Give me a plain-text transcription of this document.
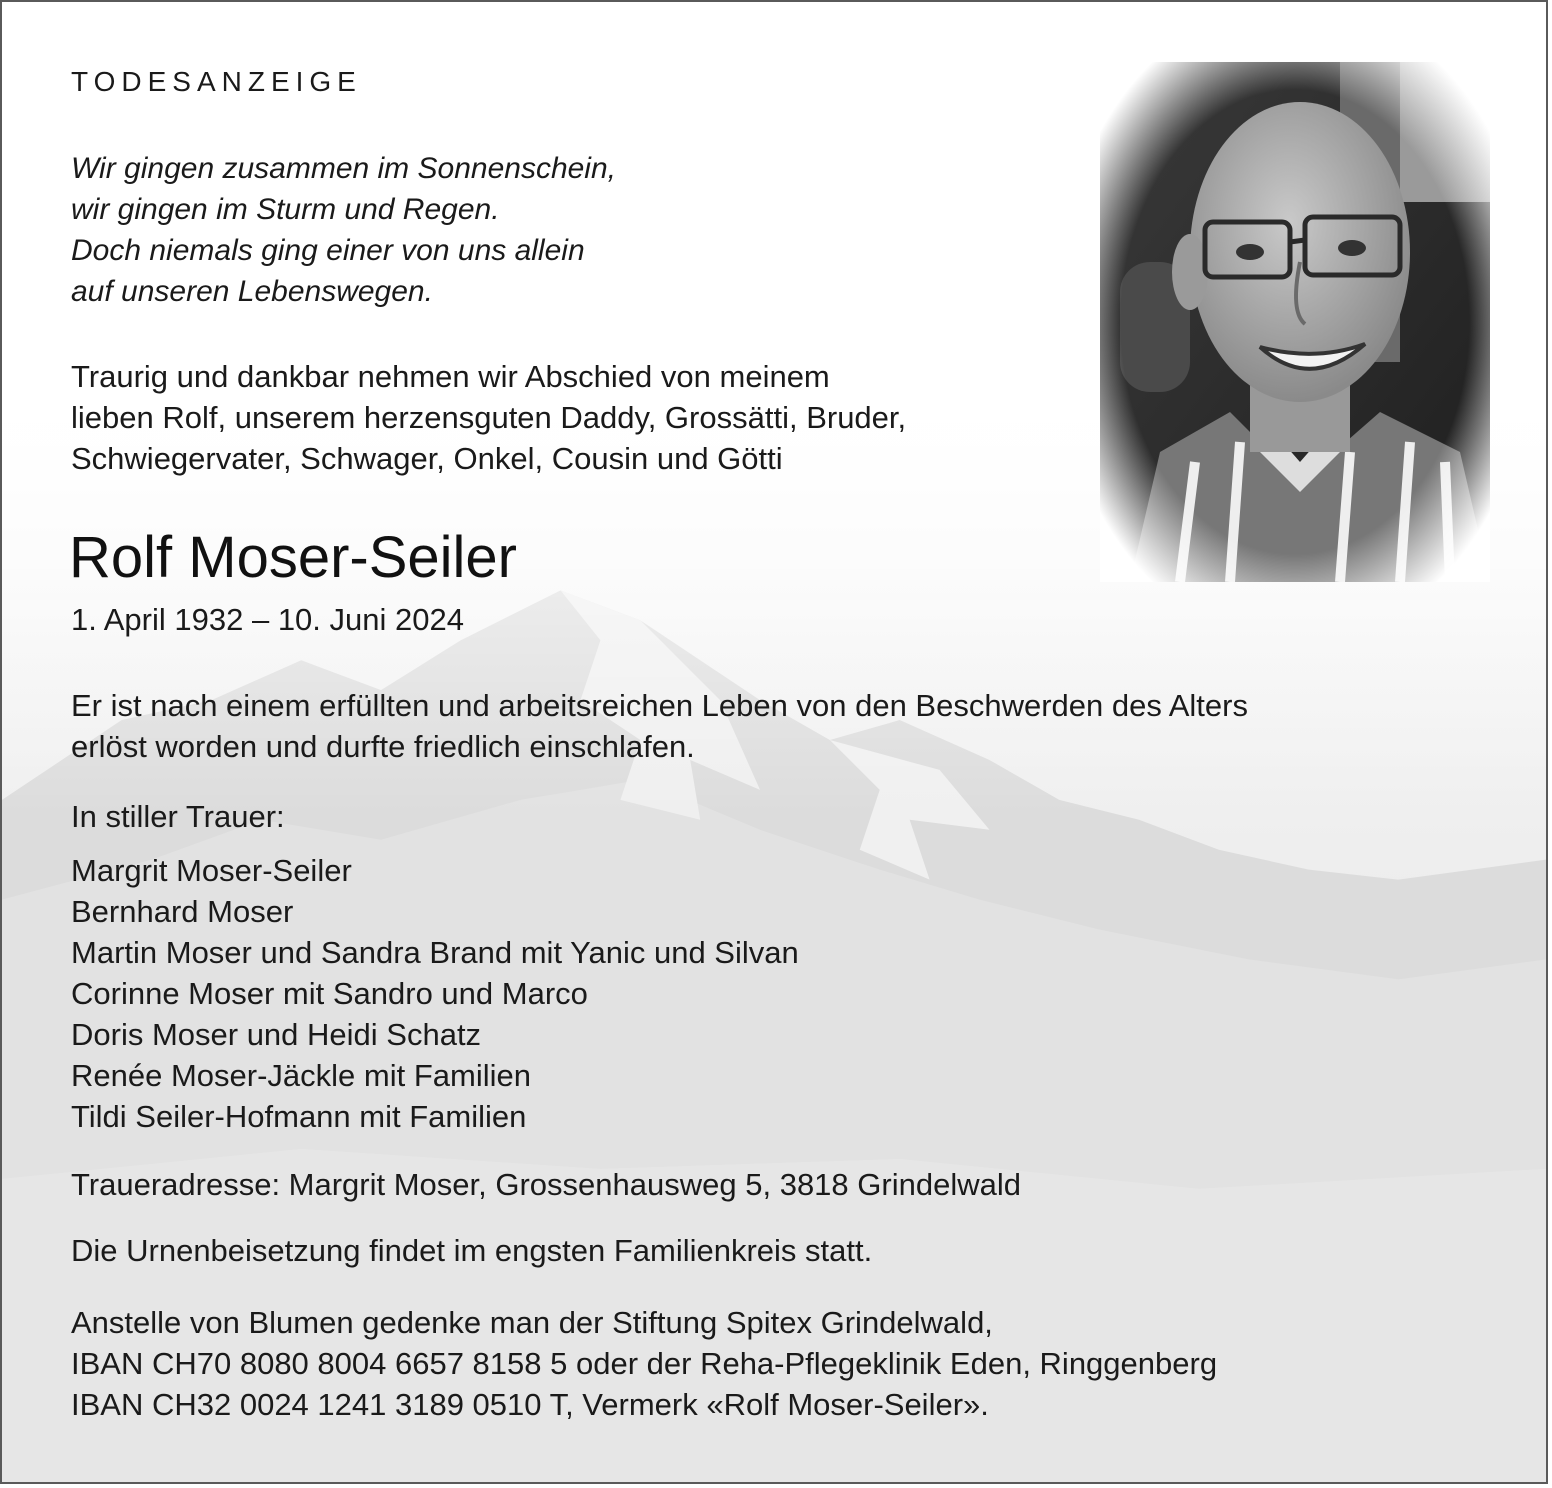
TODESANZEIGE
Wir gingen zusammen im Sonnenschein,
wir gingen im Sturm und Regen.
Doch niemals ging einer von uns allein
auf unseren Lebenswegen.
Traurig und dankbar nehmen wir Abschied von meinem
lieben Rolf, unserem herzensguten Daddy, Grossätti, Bruder,
Schwiegervater, Schwager, Onkel, Cousin und Götti
Rolf Moser-Seiler
1. April 1932 – 10. Juni 2024
Er ist nach einem erfüllten und arbeitsreichen Leben von den Beschwerden des Alters
erlöst worden und durfte friedlich einschlafen.
In stiller Trauer:
Margrit Moser-Seiler
Bernhard Moser
Martin Moser und Sandra Brand mit Yanic und Silvan
Corinne Moser mit Sandro und Marco
Doris Moser und Heidi Schatz
Renée Moser-Jäckle mit Familien
Tildi Seiler-Hofmann mit Familien
Traueradresse: Margrit Moser, Grossenhausweg 5, 3818 Grindelwald
Die Urnenbeisetzung findet im engsten Familienkreis statt.
Anstelle von Blumen gedenke man der Stiftung Spitex Grindelwald,
IBAN CH70 8080 8004 6657 8158 5 oder der Reha-Pflegeklinik Eden, Ringgenberg
IBAN CH32 0024 1241 3189 0510 T, Vermerk «Rolf Moser-Seiler».
